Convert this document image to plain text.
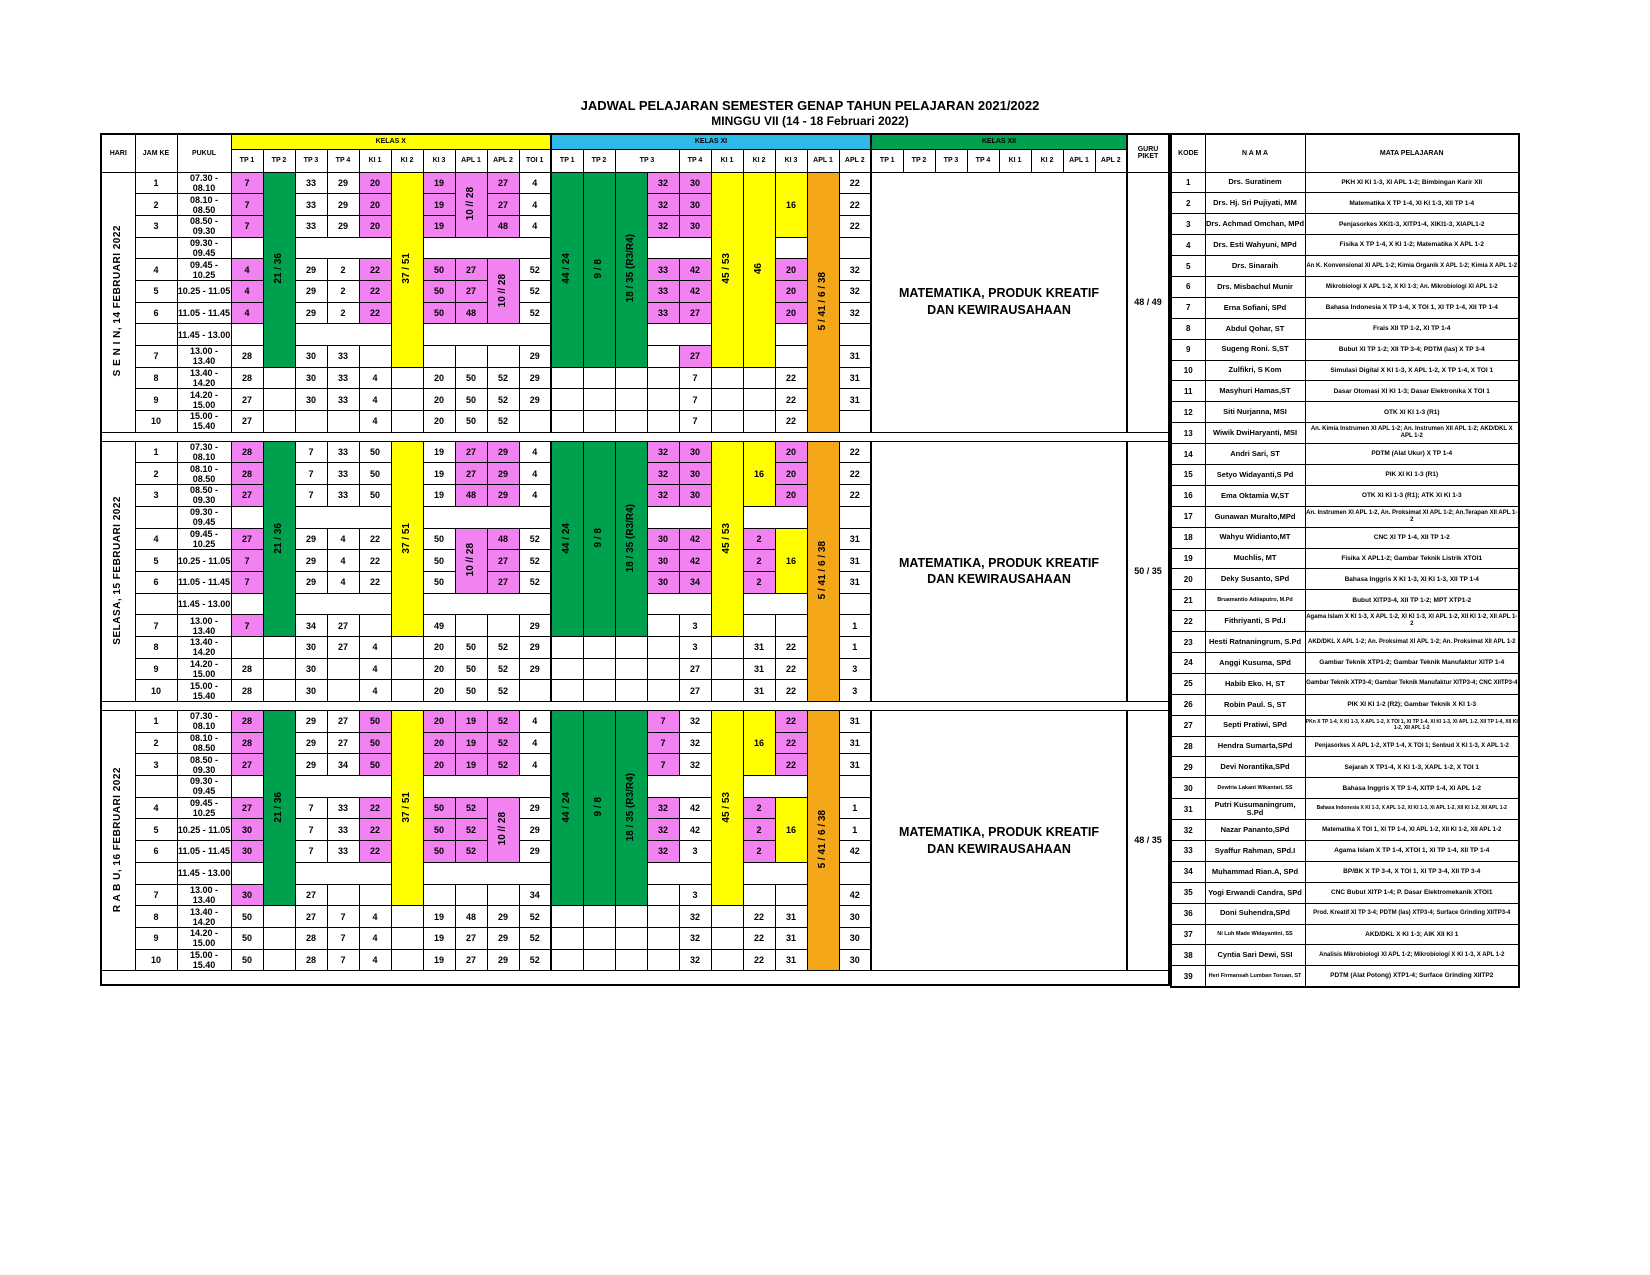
JADWAL PELAJARAN SEMESTER GENAP TAHUN PELAJARAN 2021/2022
MINGGU VII (14 - 18 Februari 2022)
HARI	JAM KE	PUKUL	KELAS X										KELAS XI										KELAS XII								GURU PIKET
			TP 1	TP 2	TP 3	TP 4	KI 1	KI 2	KI 3	APL 1	APL 2	TOI 1	TP 1	TP 2	TP 3		TP 4	KI 1	KI 2	KI 3	APL 1	APL 2	TP 1	TP 2	TP 3	TP 4	KI 1	KI 2	APL 1	APL 2	
S E N I N, 14 FEBRUARI 2022	1	07.30 - 08.10	7	21 / 36	33	29	20	37 / 51	19	10 // 28	27	4	44 / 24	9 / 8	18 / 35 (R3/R4)	32	30	45 / 53	46	16	5 / 41 / 6 / 38	22	MATEMATIKA, PRODUK KREATIF DAN KEWIRAUSAHAAN								48 / 49
	2	08.10 - 08.50	7		33	29	20		19		27	4				32	30					22									
	3	08.50 - 09.30	7		33	29	20		19		48	4				32	30					22									
		09.30 - 09.45																													
	4	09.45 - 10.25	4		29	2	22		50	27	10 // 28	52				33	42			20		32									
	5	10.25 - 11.05	4		29	2	22		50	27		52				33	42			20		32									
	6	11.05 - 11.45	4		29	2	22		50	48		52				33	27			20		32									
		11.45 - 13.00																													
	7	13.00 - 13.40	28		30	33						29					27					31									
	8	13.40 - 14.20	28		30	33	4		20	50	52	29					7			22		31									
	9	14.20 - 15.00	27		30	33	4		20	50	52	29					7			22		31									
	10	15.00 - 15.40	27				4		20	50	52						7			22											

SELASA, 15 FEBRUARI 2022	1	07.30 - 08.10	28	21 / 36	7	33	50	37 / 51	19	27	29	4	44 / 24	9 / 8	18 / 35 (R3/R4)	32	30	45 / 53	16	20	5 / 41 / 6 / 38	22	MATEMATIKA, PRODUK KREATIF DAN KEWIRAUSAHAAN								50 / 35
	2	08.10 - 08.50	28		7	33	50		19	27	29	4				32	30			20		22									
	3	08.50 - 09.30	27		7	33	50		19	48	29	4				32	30			20		22									
		09.30 - 09.45																													
	4	09.45 - 10.25	27		29	4	22		50	10 // 28	48	52				30	42		2	16		31									
	5	10.25 - 11.05	7		29	4	22		50		27	52				30	42		2			31									
	6	11.05 - 11.45	7		29	4	22		50		27	52				30	34		2			31									
		11.45 - 13.00																													
	7	13.00 - 13.40	7		34	27			49			29					3					1									
	8	13.40 - 14.20			30	27	4		20	50	52	29					3		31	22		1									
	9	14.20 - 15.00	28		30		4		20	50	52	29					27		31	22		3									
	10	15.00 - 15.40	28		30		4		20	50	52						27		31	22		3									

R A B U, 16 FEBRUARI 2022	1	07.30 - 08.10	28	21 / 36	29	27	50	37 / 51	20	19	52	4	44 / 24	9 / 8	18 / 35 (R3/R4)	7	32	45 / 53	16	22	5 / 41 / 6 / 38	31	MATEMATIKA, PRODUK KREATIF DAN KEWIRAUSAHAAN								48 / 35
	2	08.10 - 08.50	28		29	27	50		20	19	52	4				7	32			22		31									
	3	08.50 - 09.30	27		29	34	50		20	19	52	4				7	32			22		31									
		09.30 - 09.45																													
	4	09.45 - 10.25	27		7	33	22		50	52	10 // 28	29				32	42		2	16		1									
	5	10.25 - 11.05	30		7	33	22		50	52		29				32	42		2			1									
	6	11.05 - 11.45	30		7	33	22		50	52		29				32	3		2			42									
		11.45 - 13.00																													
	7	13.00 - 13.40	30		27							34					3					42									
	8	13.40 - 14.20	50		27	7	4		19	48	29	52					32		22	31		30									
	9	14.20 - 15.00	50		28	7	4		19	27	29	52					32		22	31		30									
	10	15.00 - 15.40	50		28	7	4		19	27	29	52					32		22	31		30									

KODE	N A M A	MATA PELAJARAN
1	Drs. Suratinem	PKH XI KI 1-3, XI APL 1-2; Bimbingan Karir XII
2	Drs. Hj. Sri Pujiyati, MM	Matematika X TP 1-4, XI KI 1-3, XII TP 1-4
3	Drs. Achmad Omchan, MPd	Penjasorkes XKI1-3, XITP1-4, XIKI1-3, XIAPL1-2
4	Drs. Esti Wahyuni, MPd	Fisika X TP 1-4, X KI 1-2; Matematika X APL 1-2
5	Drs. Sinaraih	An K. Konvensional XI APL 1-2; Kimia Organik X APL 1-2; Kimia X APL 1-2
6	Drs. Misbachul Munir	Mikrobiologi X APL 1-2, X KI 1-3; An. Mikrobiologi XI APL 1-2
7	Erna Sofiani, SPd	Bahasa Indonesia X TP 1-4, X TOI 1, XI TP 1-4, XII TP 1-4
8	Abdul Qohar, ST	Frais XII TP 1-2, XI TP 1-4
9	Sugeng Roni. S,ST	Bubut XI TP 1-2; XII TP 3-4; PDTM (las) X TP 3-4
10	Zulfikri, S Kom	Simulasi Digital X KI 1-3, X APL 1-2, X TP 1-4, X TOI 1
11	Masyhuri Hamas,ST	Dasar Otomasi XI KI 1-3; Dasar Elektronika X TOI 1
12	Siti Nurjanna, MSI	OTK XI KI 1-3 (R1)
13	Wiwik DwiHaryanti, MSI	An. Kimia Instrumen XI APL 1-2; An. Instrumen XII APL 1-2; AKD/DKL X APL 1-2
14	Andri Sari, ST	PDTM (Alat Ukur) X TP 1-4
15	Setyo Widayanti,S Pd	PIK XI KI 1-3 (R1)
16	Ema Oktamia W,ST	OTK XI KI 1-3 (R1); ATK XI KI 1-3
17	Gunawan Muralto,MPd	An. Instrumen XI APL 1-2, An. Proksimat XI APL 1-2; An.Terapan XII APL 1-2
18	Wahyu Widianto,MT	CNC XI TP 1-4, XII TP 1-2
19	Muchlis, MT	Fisika X APL1-2; Gambar Teknik Listrik XTOI1
20	Deky Susanto, SPd	Bahasa Inggris X KI 1-3, XI KI 1-3, XII TP 1-4
21	Bruamantio Adiiaputro, M.Pd	Bubut XITP3-4, XII TP 1-2; MPT XTP1-2
22	Fithriyanti, S Pd.I	Agama Islam X KI 1-3, X APL 1-2, XI KI 1-3, XI APL 1-2, XII KI 1-2, XII APL 1-2
23	Hesti Ratnaningrum, S.Pd	AKD/DKL X APL 1-2; An. Proksimat XI APL 1-2; An. Proksimat XII APL 1-2
24	Anggi Kusuma, SPd	Gambar Teknik XTP1-2; Gambar Teknik Manufaktur XITP 1-4
25	Habib Eko. H, ST	Gambar Teknik XTP3-4; Gambar Teknik Manufaktur XITP3-4; CNC XIITP3-4
26	Robin Paul. S, ST	PIK XI KI 1-2 (R2); Gambar Teknik X KI 1-3
27	Septi Pratiwi, SPd	PKn X TP 1-4, X KI 1-3, X APL 1-2, X TOI 1, XI TP 1-4, XI KI 1-3, XI APL 1-2, XII TP 1-4, XII KI 1-2, XII APL 1-2
28	Hendra Sumarta,SPd	Penjasorkes X APL 1-2, XTP 1-4, X TOI 1; Senbud X KI 1-3, X APL 1-2
29	Devi Norantika,SPd	Sejarah X TP1-4, X KI 1-3, XAPL 1-2, X TOI 1
30	Dewiria Lakani Wikantari, SS	Bahasa Inggris X TP 1-4, XITP 1-4, XI APL 1-2
31	Putri Kusumaningrum, S.Pd	Bahasa Indonesia X KI 1-3, X APL 1-2, XI KI 1-3, XI APL 1-2, XII KI 1-2, XII APL 1-2
32	Nazar Pananto,SPd	Matematika X TOI 1, XI TP 1-4, XI APL 1-2, XII KI 1-2, XII APL 1-2
33	Syaffur Rahman, SPd.I	Agama Islam X TP 1-4, XTOI 1, XI TP 1-4, XII TP 1-4
34	Muhammad Rian.A, SPd	BP/BK X TP 3-4, X TOI 1, XI TP 3-4, XII TP 3-4
35	Yogi Erwandi Candra, SPd	CNC Bubut XITP 1-4; P. Dasar Elektromekanik XTOI1
36	Doni Suhendra,SPd	Prod. Kreatif XI TP 3-4; PDTM (las) XTP3-4; Surface Grinding XIITP3-4
37	Ni Luh Made Widayantini, SS	AKD/DKL X KI 1-3; AIK XII KI 1
38	Cyntia Sari Dewi, SSI	Analisis Mikrobiologi XI APL 1-2; Mikrobiologi X KI 1-3, X APL 1-2
39	Heri Firmansah Lumban Toruan, ST	PDTM (Alat Potong) XTP1-4; Surface Grinding XIITP2
